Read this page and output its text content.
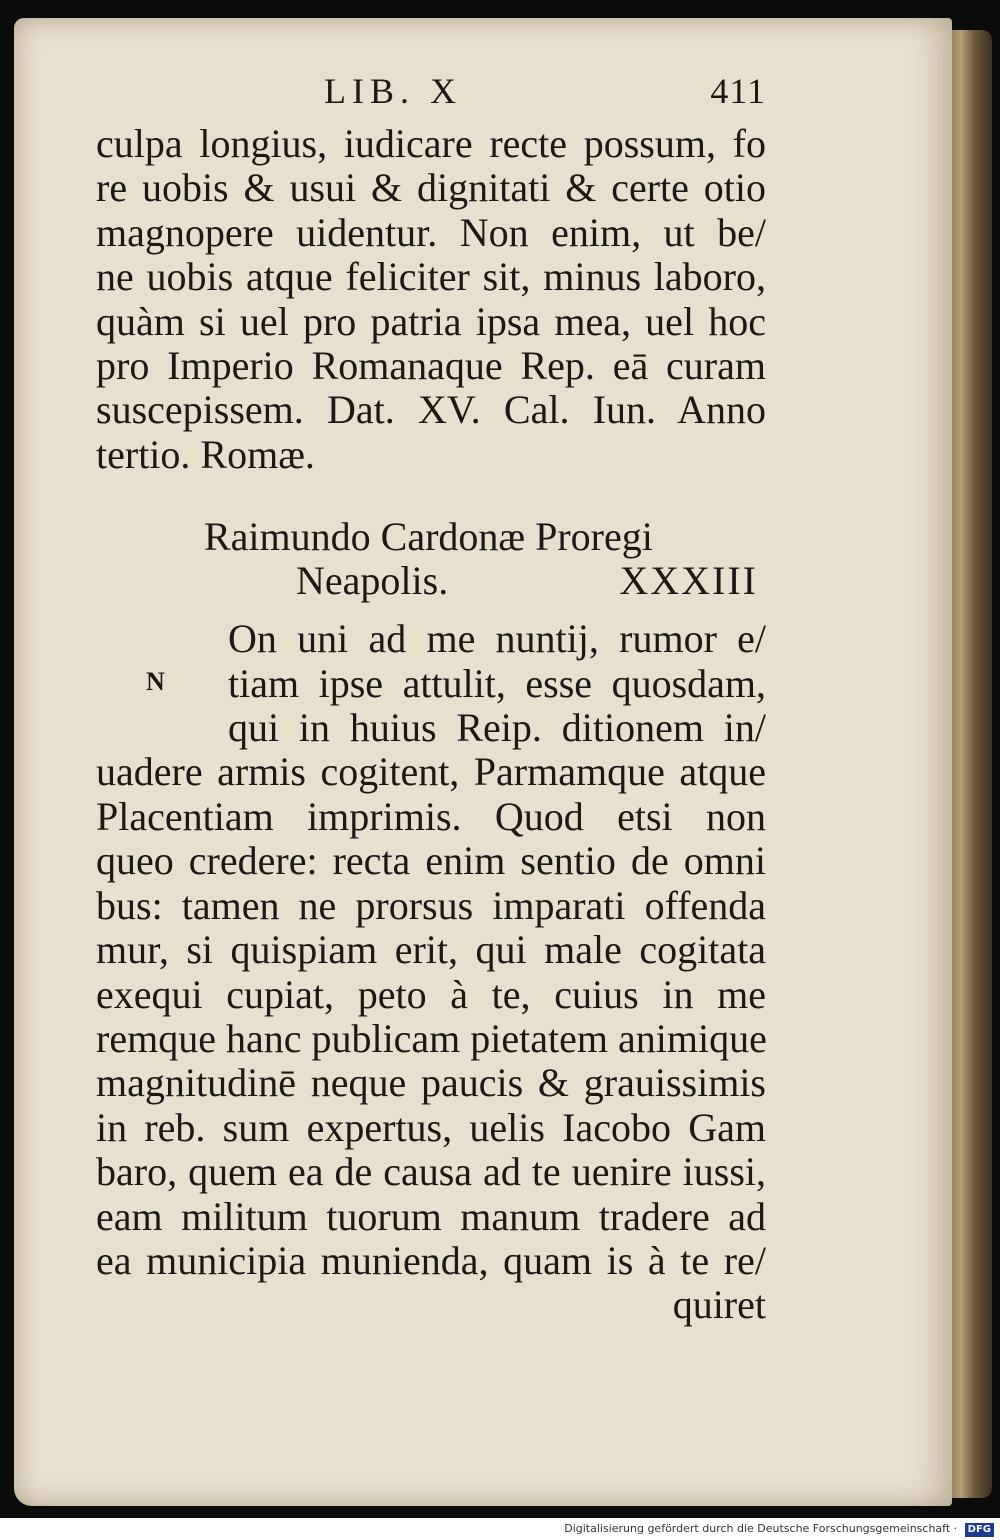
LIB. X	411
culpa longius, iudicare recte possum, fo
re uobis & usui & dignitati & certe otio
magnopere uidentur. Non enim, ut be/
ne uobis atque feliciter sit, minus laboro,
quàm si uel pro patria ipsa mea, uel hoc
pro Imperio Romanaque Rep. eā curam
suscepissem. Dat. XV. Cal. Iun. Anno
tertio. Romæ.
Raimundo Cardonæ Proregi
Neapolis.	XXXIII
N
On uni ad me nuntij, rumor e/
tiam ipse attulit, esse quosdam,
qui in huius Reip. ditionem in/
uadere armis cogitent, Parmamque atque
Placentiam imprimis. Quod etsi non
queo credere: recta enim sentio de omni
bus: tamen ne prorsus imparati offenda
mur, si quispiam erit, qui male cogitata
exequi cupiat, peto à te, cuius in me
remque hanc publicam pietatem animique
magnitudinē neque paucis & grauissimis
in reb. sum expertus, uelis Iacobo Gam
baro, quem ea de causa ad te uenire iussi,
eam militum tuorum manum tradere ad
ea municipia munienda, quam is à te re/
quiret
Digitalisierung gefördert durch die Deutsche Forschungsgemeinschaft · DFG
